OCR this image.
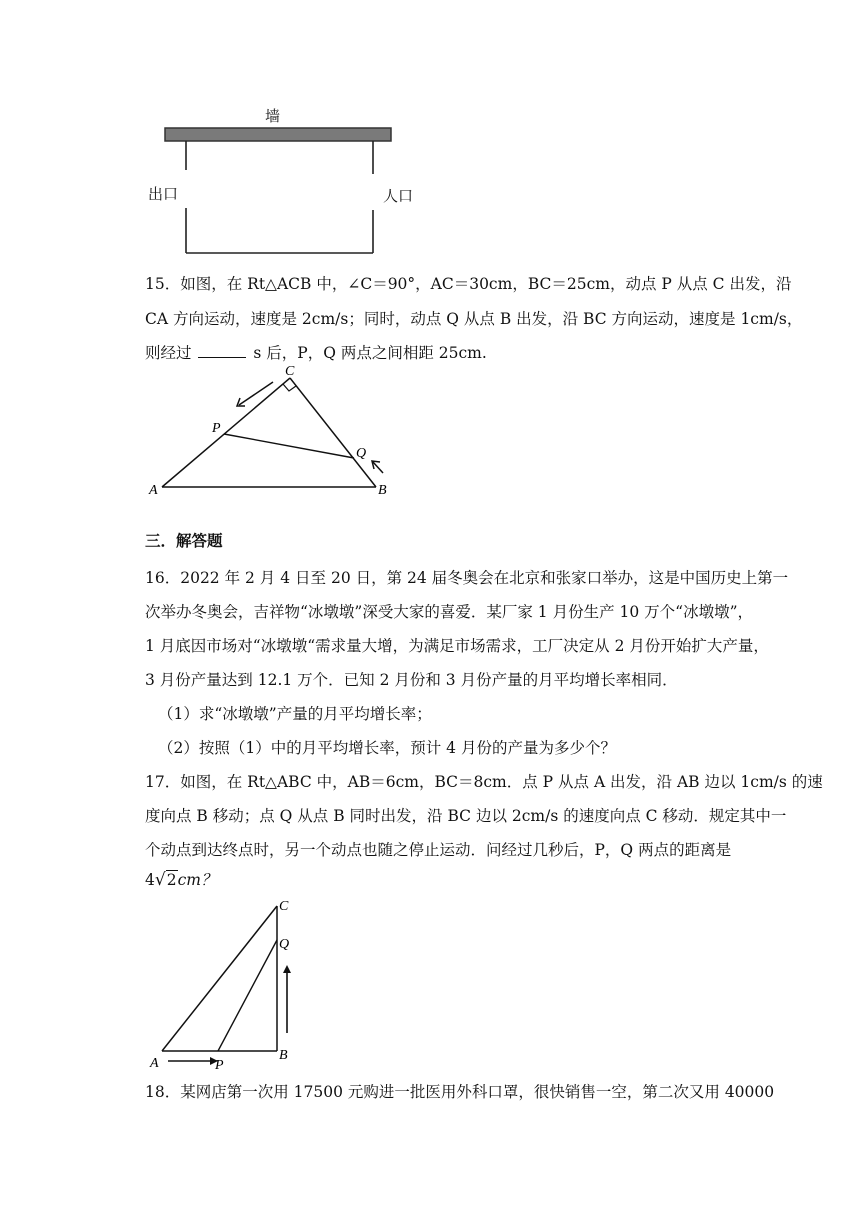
墙
出口	人口
15．如图，在 Rt△ACB 中，∠C＝90°，AC＝30cm，BC＝25cm，动点 P 从点 C 出发，沿
CA 方向运动，速度是 2cm/s；同时，动点 Q 从点 B 出发，沿 BC 方向运动，速度是 1cm/s，
则经过	s 后，P，Q 两点之间相距 25cm.
C
P
Q
A	B
三．解答题
16．2022 年 2 月 4 日至 20 日，第 24 届冬奥会在北京和张家口举办，这是中国历史上第一
次举办冬奥会，吉祥物“冰墩墩”深受大家的喜爱．某厂家 1 月份生产 10 万个“冰墩墩”，
1 月底因市场对“冰墩墩“需求量大增，为满足市场需求，工厂决定从 2 月份开始扩大产量，
3 月份产量达到 12.1 万个．已知 2 月份和 3 月份产量的月平均增长率相同．
（1）求“冰墩墩”产量的月平均增长率；
（2）按照（1）中的月平均增长率，预计 4 月份的产量为多少个？
17．如图，在 Rt△ABC 中，AB＝6cm，BC＝8cm．点 P 从点 A 出发，沿 AB 边以 1cm/s 的速
度向点 B 移动；点 Q 从点 B 同时出发，沿 BC 边以 2cm/s 的速度向点 C 移动．规定其中一
个动点到达终点时，另一个动点也随之停止运动．问经过几秒后，P，Q 两点的距离是
4√2cm？
C
Q
A	P
B
18．某网店第一次用 17500 元购进一批医用外科口罩，很快销售一空，第二次又用 40000
